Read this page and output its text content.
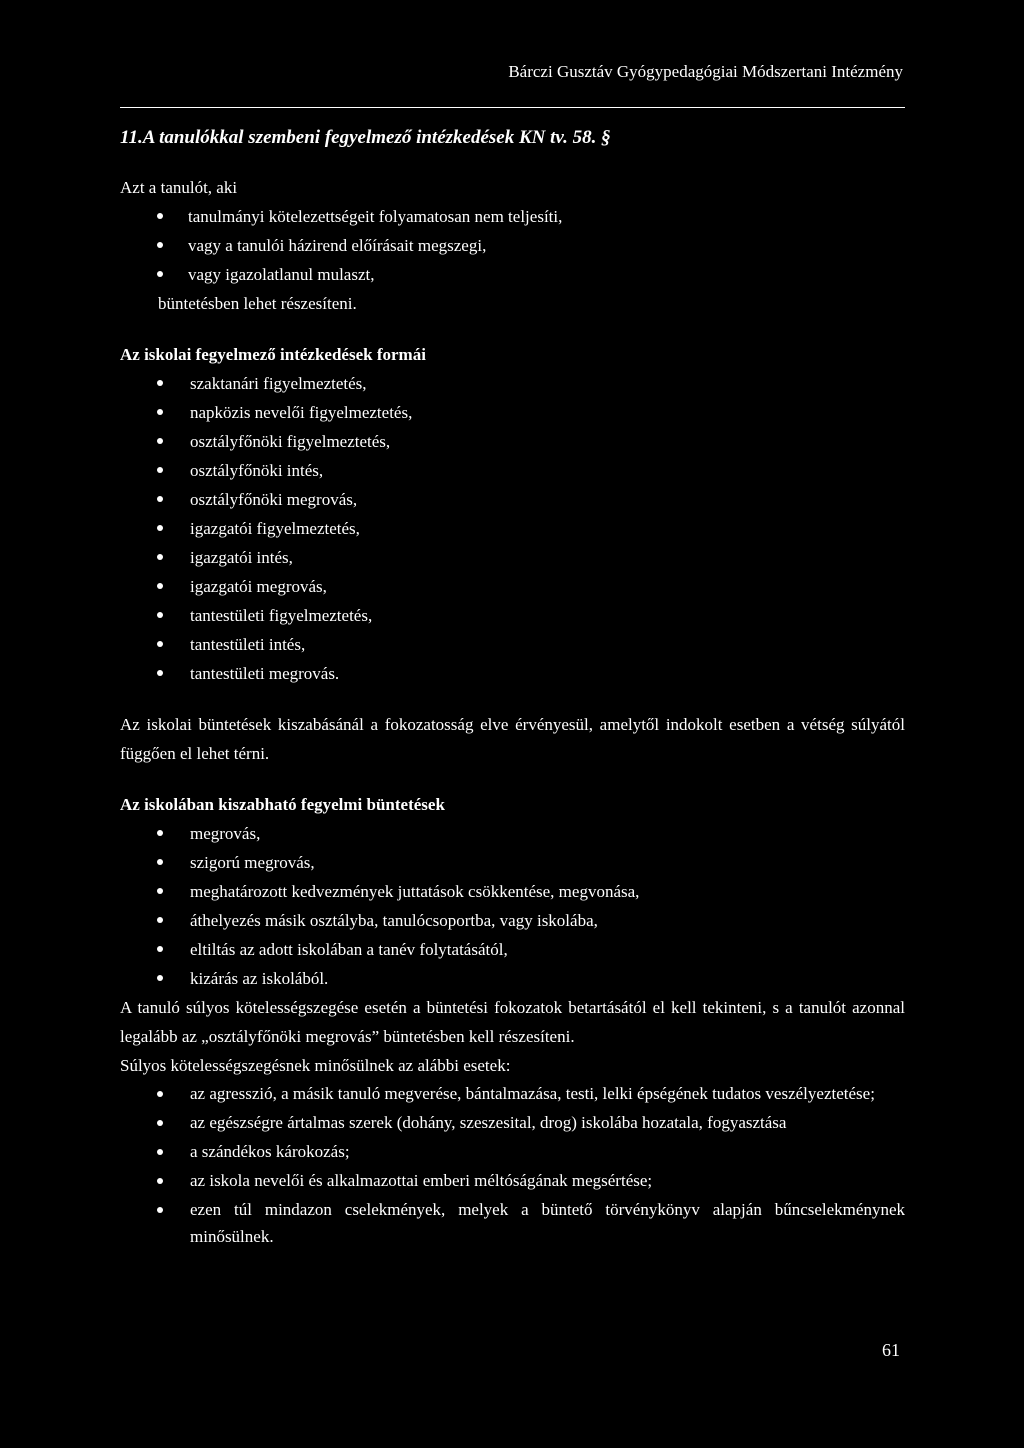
Bárczi Gusztáv Gyógypedagógiai Módszertani Intézmény

11.A tanulókkal szembeni fegyelmező intézkedések KN tv. 58. §

Azt a tanulót, aki

tanulmányi kötelezettségeit folyamatosan nem teljesíti,
vagy a tanulói házirend előírásait megszegi,
vagy igazolatlanul mulaszt,

büntetésben lehet részesíteni.

Az iskolai fegyelmező intézkedések formái

szaktanári figyelmeztetés,
napközis nevelői figyelmeztetés,
osztályfőnöki figyelmeztetés,
osztályfőnöki intés,
osztályfőnöki megrovás,
igazgatói figyelmeztetés,
igazgatói intés,
igazgatói megrovás,
tantestületi figyelmeztetés,
tantestületi intés,
tantestületi megrovás.

Az iskolai büntetések kiszabásánál a fokozatosság elve érvényesül, amelytől indokolt esetben a vétség súlyától függően el lehet térni.

Az iskolában kiszabható fegyelmi büntetések

megrovás,
szigorú megrovás,
meghatározott kedvezmények juttatások csökkentése, megvonása,
áthelyezés másik osztályba, tanulócsoportba, vagy iskolába,
eltiltás az adott iskolában a tanév folytatásától,
kizárás az iskolából.

A tanuló súlyos kötelességszegése esetén a büntetési fokozatok betartásától el kell tekinteni, s a tanulót azonnal legalább az „osztályfőnöki megrovás” büntetésben kell részesíteni.

Súlyos kötelességszegésnek minősülnek az alábbi esetek:

az agresszió, a másik tanuló megverése, bántalmazása, testi, lelki épségének tudatos veszélyeztetése;
az egészségre ártalmas szerek (dohány, szeszesital, drog) iskolába hozatala, fogyasztása
a szándékos károkozás;
az iskola nevelői és alkalmazottai emberi méltóságának megsértése;
ezen túl mindazon cselekmények, melyek a büntető törvénykönyv alapján bűncselekménynek minősülnek.
61
